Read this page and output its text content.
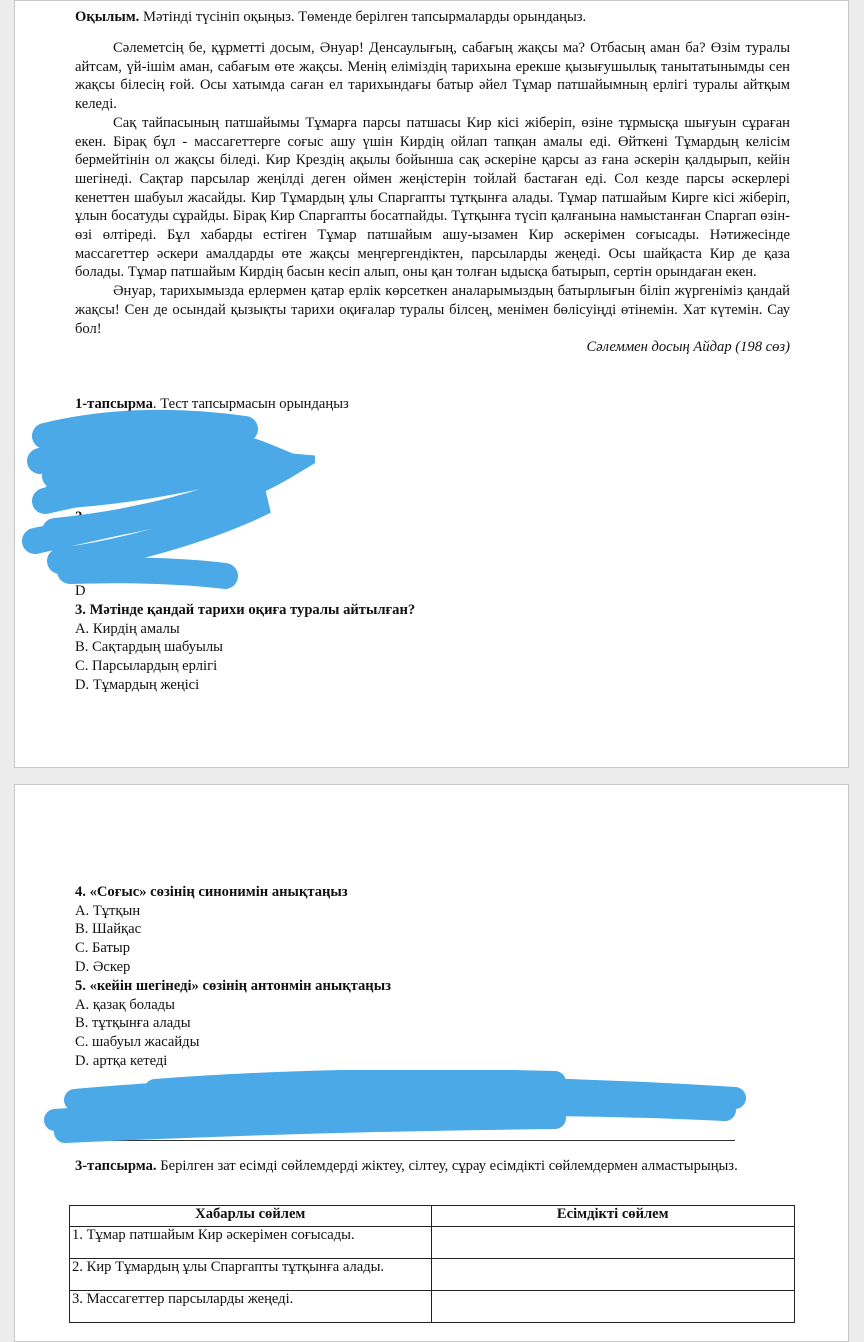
Оқылым. Мәтінді түсініп оқыңыз. Төменде берілген тапсырмаларды орындаңыз.

Сәлеметсің бе, құрметті досым, Әнуар! Денсаулығың, сабағың жақсы ма? Отбасың аман ба? Өзім туралы айтсам, үй-ішім аман, сабағым өте жақсы. Менің еліміздің тарихына ерекше қызығушылық танытатынымды сен жақсы білесің ғой. Осы хатымда саған ел тарихындағы батыр әйел Тұмар патшайымның ерлігі туралы айтқым келеді.

Сақ тайпасының патшайымы Тұмарға парсы патшасы Кир кісі жіберіп, өзіне тұрмысқа шығуын сұраған екен. Бірақ бұл - массагеттерге соғыс ашу үшін Кирдің ойлап тапқан амалы еді. Өйткені Тұмардың келісім бермейтінін ол жақсы біледі. Кир Крездің ақылы бойынша сақ әскеріне қарсы аз ғана әскерін қалдырып, кейін шегінеді. Сақтар парсылар жеңілді деген оймен жеңістерін тойлай бастаған еді. Сол кезде парсы әскерлері кенеттен шабуыл жасайды. Кир Тұмардың ұлы Спаргапты тұтқынға алады. Тұмар патшайым Кирге кісі жіберіп, ұлын босатуды сұрайды. Бірақ Кир Спаргапты босатпайды. Тұтқынға түсіп қалғанына намыстанған Спаргап өзін-өзі өлтіреді. Бұл хабарды естіген Тұмар патшайым ашу-ызамен Кир әскерімен соғысады. Нәтижесінде массагеттер әскери амалдарды өте жақсы меңгергендіктен, парсыларды жеңеді. Осы шайқаста Кир де қаза болады. Тұмар патшайым Кирдің басын кесіп алып, оны қан толған ыдысқа батырып, сертін орындаған екен.

Әнуар, тарихымызда ерлермен қатар ерлік көрсеткен аналарымыздың батырлығын біліп жүргеніміз қандай жақсы! Сен де осындай қызықты тарихи оқиғалар туралы білсең, менімен бөлісуіңді өтінемін. Хат күтемін. Сау бол!

Сәлеммен досың Айдар (198 сөз)

1-тапсырма. Тест тапсырмасын орындаңыз
1. М	ңыз
2.
D
3. Мәтінде қандай тарихи оқиға туралы айтылған?
A. Кирдің амалы
B. Сақтардың шабуылы
C. Парсылардың ерлігі
D. Тұмардың жеңісі
4. «Соғыс» сөзінің синонимін анықтаңыз
A. Тұтқын
B. Шайқас
C. Батыр
D. Әскер
5. «кейін шегінеді» сөзінің антонмін анықтаңыз
A. қазақ болады
B. тұтқынға алады
C. шабуыл жасайды
D. артқа кетеді
3-тапсырма. Берілген зат есімді сөйлемдерді жіктеу, сілтеу, сұрау есімдікті сөйлемдермен алмастырыңыз.
Хабарлы сөйлем	Есімдікті сөйлем
1. Тұмар патшайым Кир әскерімен соғысады.	
2. Кир Тұмардың ұлы Спаргапты тұтқынға алады.	
3. Массагеттер парсыларды жеңеді.	
